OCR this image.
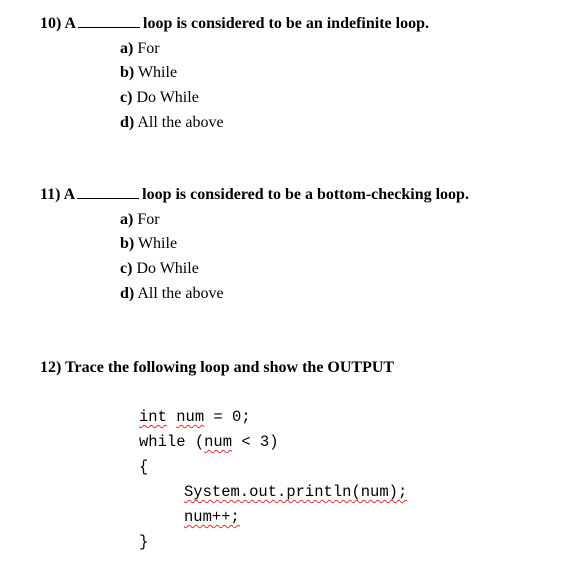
10) A	loop is considered to be an indefinite loop.
a) For
b) While
c) Do While
d) All the above
11) A	loop is considered to be a bottom-checking loop.
a) For
b) While
c) Do While
d) All the above
12) Trace the following loop and show the OUTPUT
int num = 0;
while (num < 3)
{
System.out.println(num);
num++;
}
